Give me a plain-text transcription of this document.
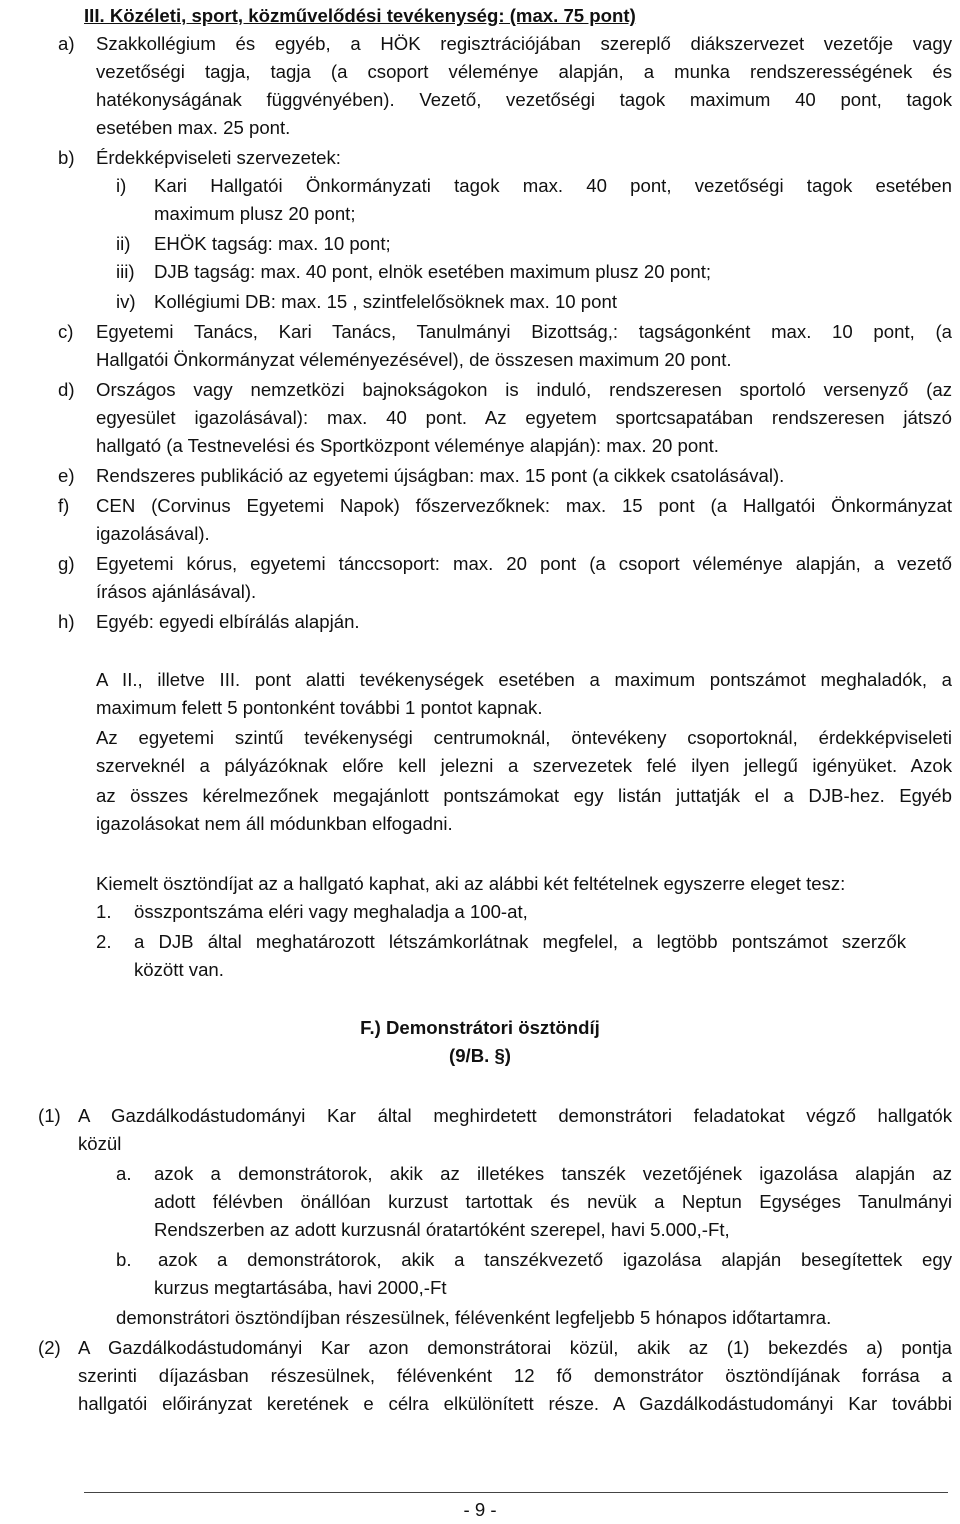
III. Közéleti, sport, közművelődési tevékenység: (max. 75 pont)
a) Szakkollégium és egyéb, a HÖK regisztrációjában szereplő diákszervezet vezetője vagy
vezetőségi tagja, tagja (a csoport véleménye alapján, a munka rendszerességének és
hatékonyságának függvényében). Vezető, vezetőségi tagok maximum 40 pont, tagok
esetében max. 25 pont.
b) Érdekképviseleti szervezetek:
i) Kari Hallgatói Önkormányzati tagok max. 40 pont, vezetőségi tagok esetében
maximum plusz 20 pont;
ii) EHÖK tagság: max. 10 pont;
iii) DJB tagság: max. 40 pont, elnök esetében maximum plusz 20 pont;
iv) Kollégiumi DB: max. 15 , szintfelelősöknek max. 10 pont
c) Egyetemi Tanács, Kari Tanács, Tanulmányi Bizottság,: tagságonként max. 10 pont, (a
Hallgatói Önkormányzat véleményezésével), de összesen maximum 20 pont.
d) Országos vagy nemzetközi bajnokságokon is induló, rendszeresen sportoló versenyző (az
egyesület igazolásával): max. 40 pont. Az egyetem sportcsapatában rendszeresen játszó
hallgató (a Testnevelési és Sportközpont véleménye alapján): max. 20 pont.
e) Rendszeres publikáció az egyetemi újságban: max. 15 pont (a cikkek csatolásával).
f) CEN (Corvinus Egyetemi Napok) főszervezőknek: max. 15 pont (a Hallgatói Önkormányzat
igazolásával).
g) Egyetemi kórus, egyetemi tánccsoport: max. 20 pont (a csoport véleménye alapján, a vezető
írásos ajánlásával).
h) Egyéb: egyedi elbírálás alapján.
A II., illetve III. pont alatti tevékenységek esetében a maximum pontszámot meghaladók, a
maximum felett 5 pontonként további 1 pontot kapnak.
Az egyetemi szintű tevékenységi centrumoknál, öntevékeny csoportoknál, érdekképviseleti
szerveknél a pályázóknak előre kell jelezni a szervezetek felé ilyen jellegű igényüket. Azok
az összes kérelmezőnek megajánlott pontszámokat egy listán juttatják el a DJB-hez. Egyéb
igazolásokat nem áll módunkban elfogadni.
Kiemelt ösztöndíjat az a hallgató kaphat, aki az alábbi két feltételnek egyszerre eleget tesz:
1. összpontszáma eléri vagy meghaladja a 100-at,
2. a DJB által meghatározott létszámkorlátnak megfelel, a legtöbb pontszámot szerzők
között van.
F.) Demonstrátori ösztöndíj
(9/B. §)
(1) A Gazdálkodástudományi Kar által meghirdetett demonstrátori feladatokat végző hallgatók
közül
a. azok a demonstrátorok, akik az illetékes tanszék vezetőjének igazolása alapján az
adott félévben önállóan kurzust tartottak és nevük a Neptun Egységes Tanulmányi
Rendszerben az adott kurzusnál óratartóként szerepel, havi 5.000,-Ft,
b. azok a demonstrátorok, akik a tanszékvezető igazolása alapján besegítettek egy
kurzus megtartásába, havi 2000,-Ft
demonstrátori ösztöndíjban részesülnek, félévenként legfeljebb 5 hónapos időtartamra.
(2) A Gazdálkodástudományi Kar azon demonstrátorai közül, akik az (1) bekezdés a) pontja
szerinti díjazásban részesülnek, félévenként 12 fő demonstrátor ösztöndíjának forrása a
hallgatói előirányzat keretének e célra elkülönített része. A Gazdálkodástudományi Kar további
- 9 -
